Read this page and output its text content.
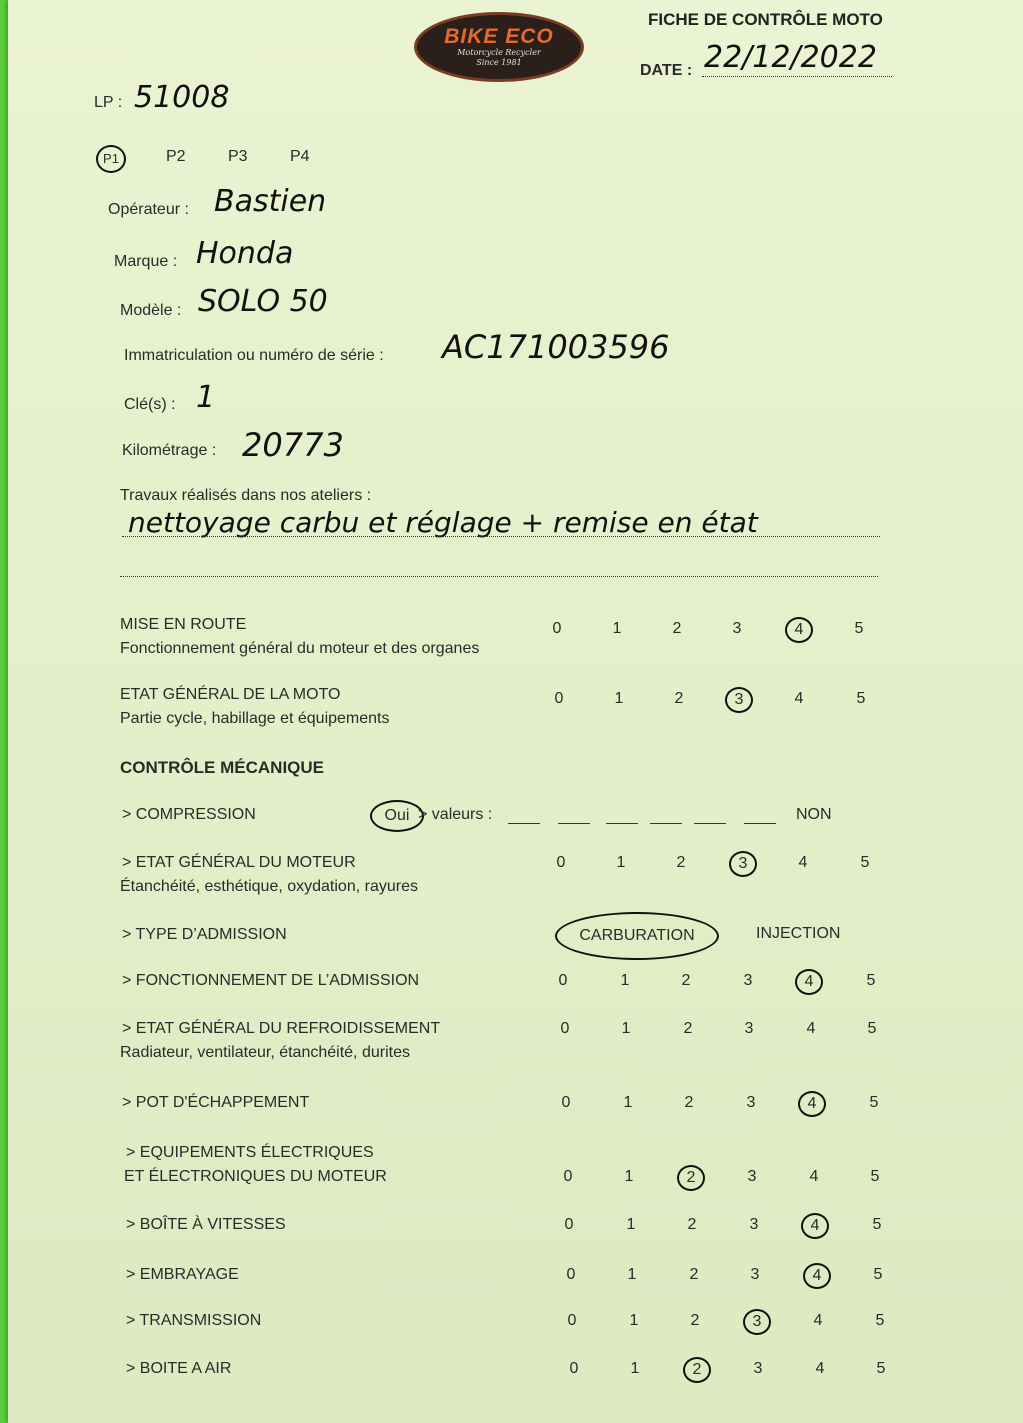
BIKE ECO
Motorcycle Recycler
Since 1981
FICHE DE CONTRÔLE MOTO
DATE : 22/12/2022
LP : 51008
P1	P2	P3	P4
Opérateur : Bastien
Marque : Honda
Modèle : SOLO 50
Immatriculation ou numéro de série : AC171003596
Clé(s) : 1
Kilométrage : 20773
Travaux réalisés dans nos ateliers :
nettoyage carbu et réglage + remise en état
MISE EN ROUTE
Fonctionnement général du moteur et des organes
0	1	2	3	4	5
ETAT GÉNÉRAL DE LA MOTO
Partie cycle, habillage et équipements
0	1	2	3	4	5
CONTRÔLE MÉCANIQUE
> COMPRESSION	Oui > valeurs :	NON
> ETAT GÉNÉRAL DU MOTEUR
Étanchéité, esthétique, oxydation, rayures
0	1	2	3	4	5
> TYPE D’ADMISSION	CARBURATION	INJECTION
> FONCTIONNEMENT DE L’ADMISSION	0	1	2	3	4	5
> ETAT GÉNÉRAL DU REFROIDISSEMENT
Radiateur, ventilateur, étanchéité, durites
0	1	2	3	4	5
> POT D'ÉCHAPPEMENT	0	1	2	3	4	5
> EQUIPEMENTS ÉLECTRIQUES
ET ÉLECTRONIQUES DU MOTEUR	0	1	2	3	4	5
> BOÎTE À VITESSES	0	1	2	3	4	5
> EMBRAYAGE	0	1	2	3	4	5
> TRANSMISSION	0	1	2	3	4	5
> BOITE A AIR	0	1	2	3	4	5
